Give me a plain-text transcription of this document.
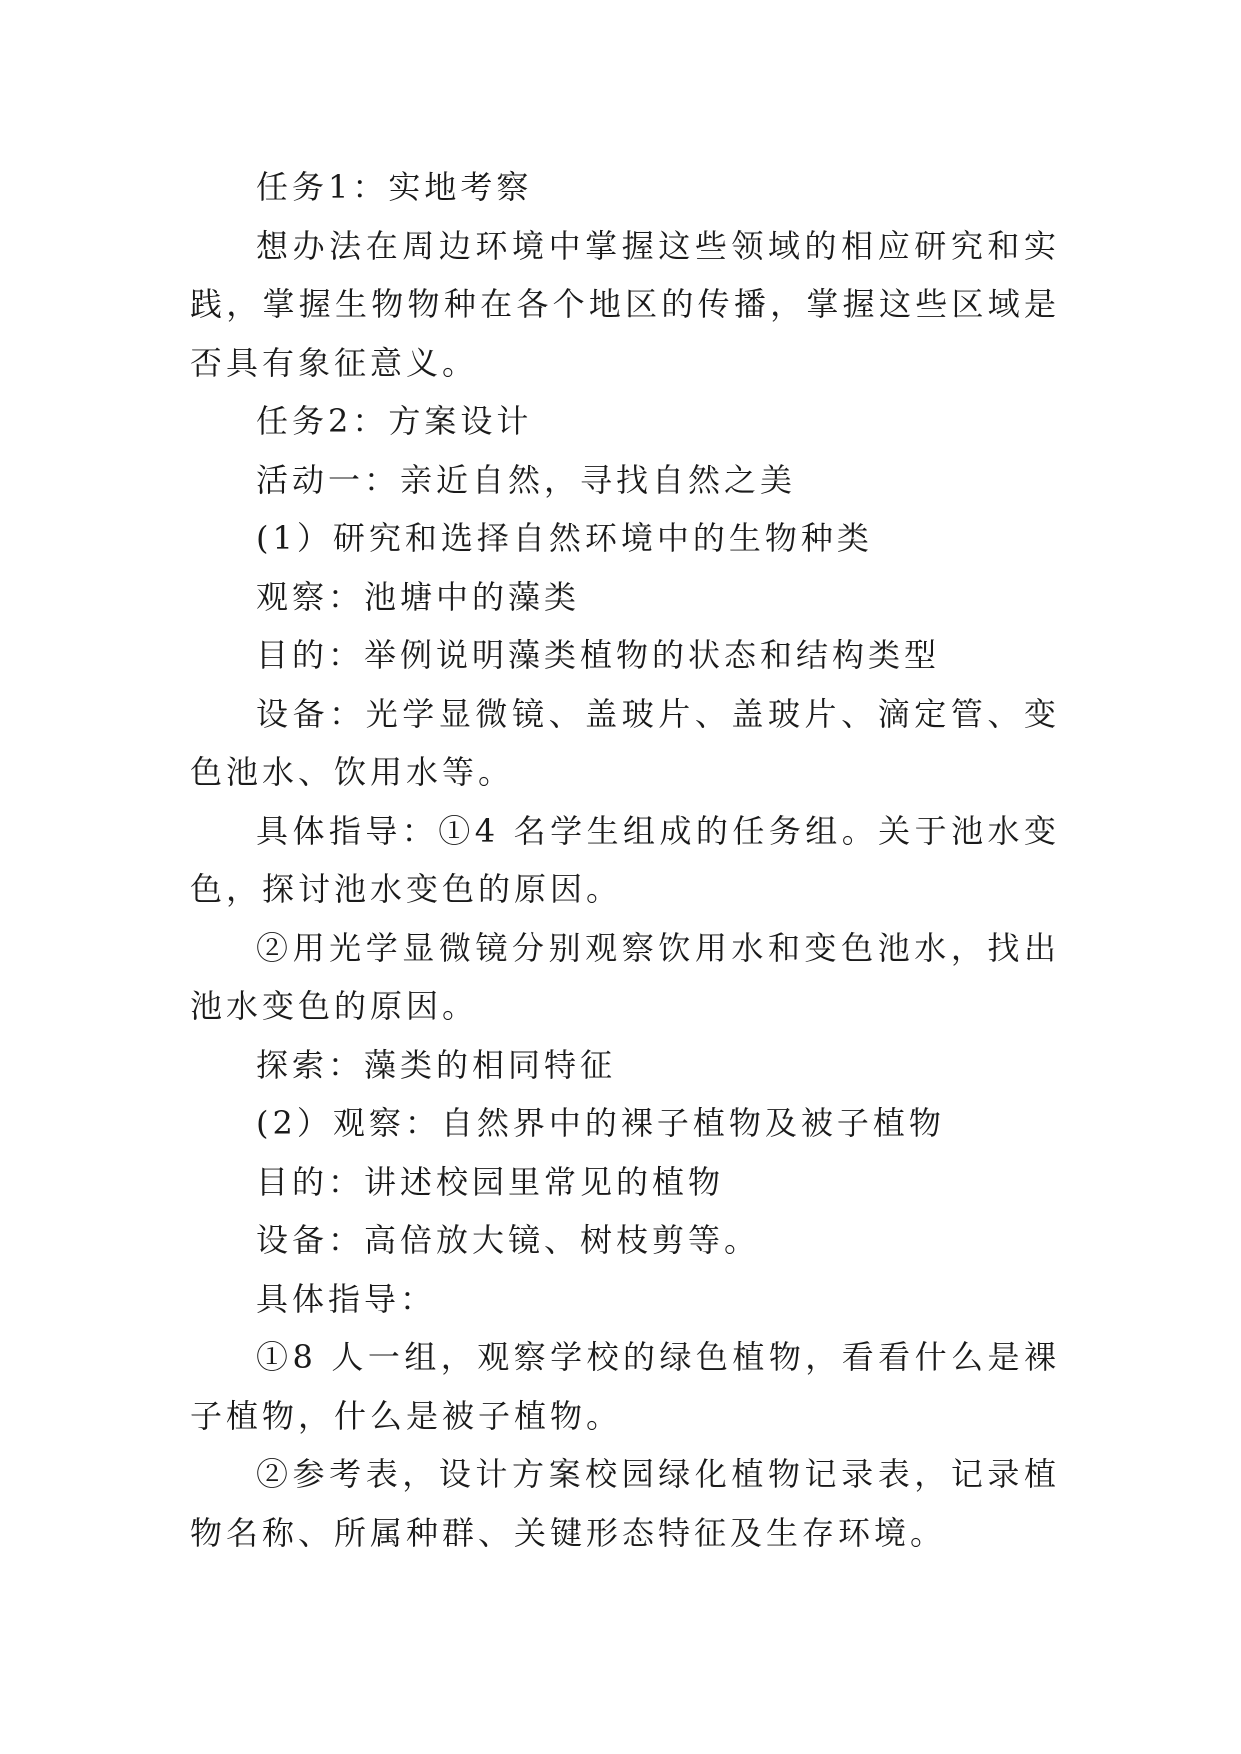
任务1：实地考察

想办法在周边环境中掌握这些领域的相应研究和实践，掌握生物物种在各个地区的传播，掌握这些区域是否具有象征意义。

任务2：方案设计

活动一：亲近自然，寻找自然之美

(1）研究和选择自然环境中的生物种类

观察：池塘中的藻类

目的：举例说明藻类植物的状态和结构类型

设备：光学显微镜、盖玻片、盖玻片、滴定管、变色池水、饮用水等。

具体指导：①4 名学生组成的任务组。关于池水变色，探讨池水变色的原因。

②用光学显微镜分别观察饮用水和变色池水，找出池水变色的原因。

探索：藻类的相同特征

(2）观察：自然界中的裸子植物及被子植物

目的：讲述校园里常见的植物

设备：高倍放大镜、树枝剪等。

具体指导：

①8 人一组，观察学校的绿色植物，看看什么是裸子植物，什么是被子植物。

②参考表，设计方案校园绿化植物记录表，记录植物名称、所属种群、关键形态特征及生存环境。
